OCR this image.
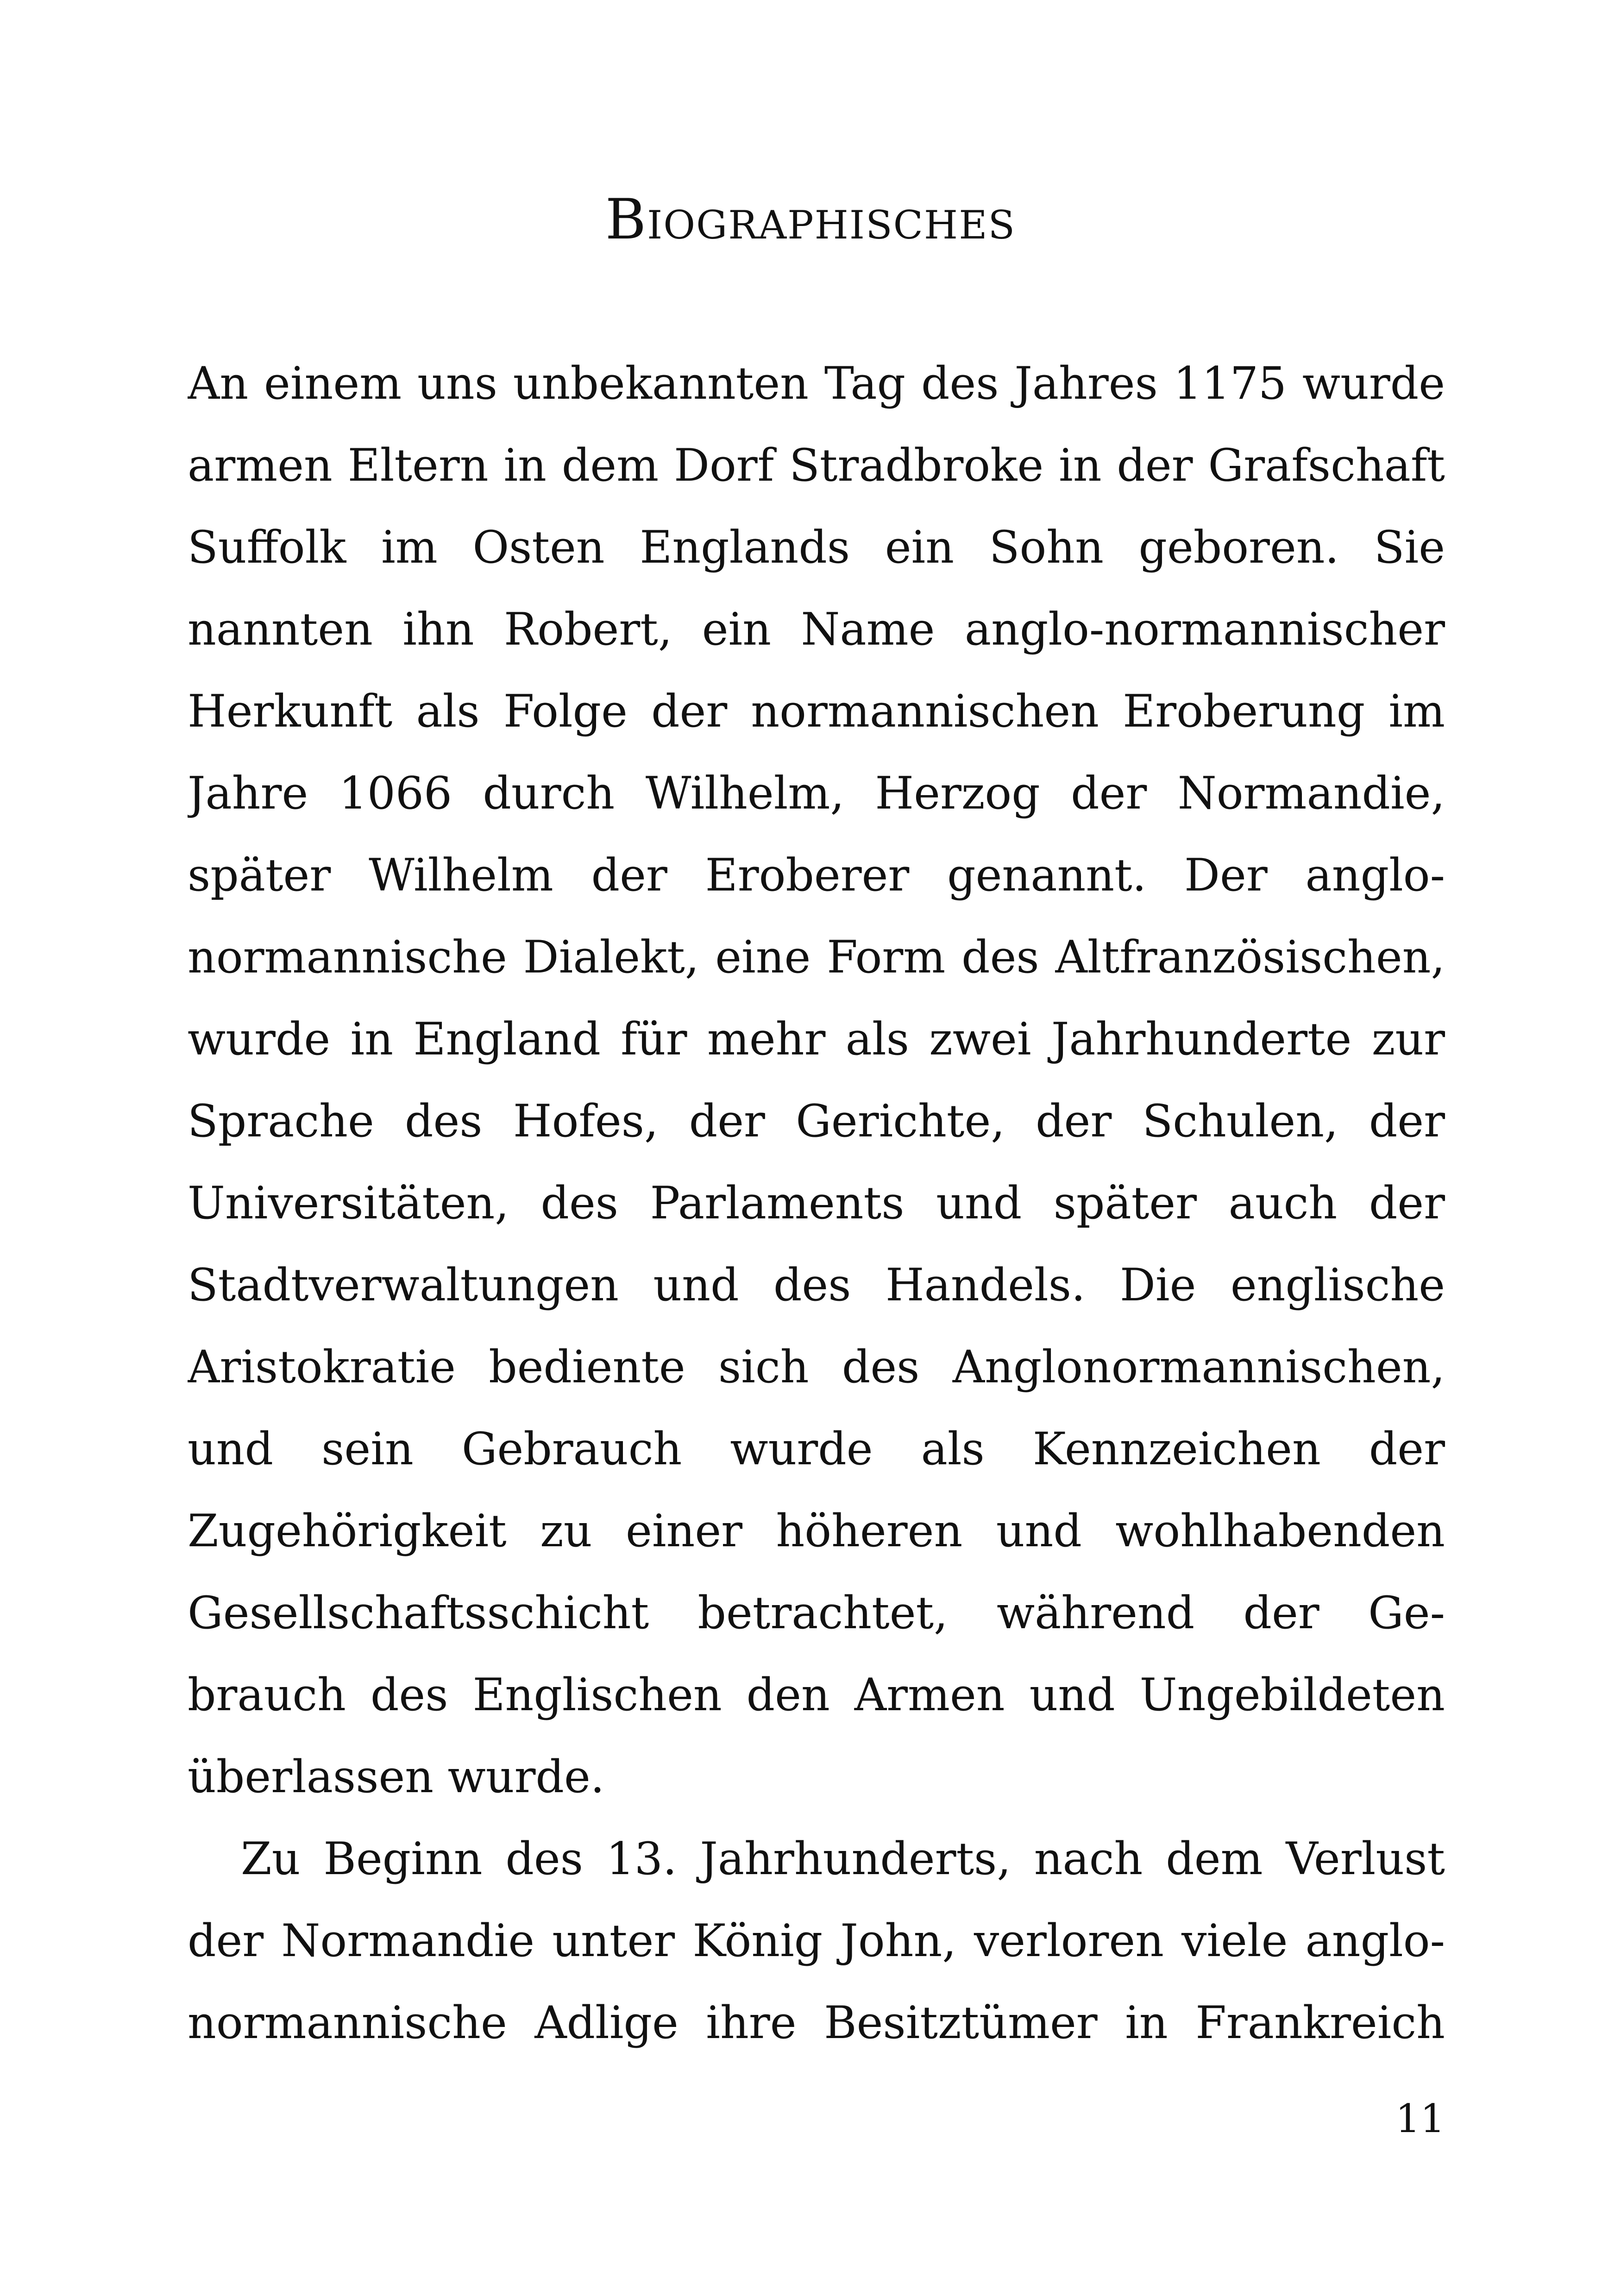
Biographisches
An einem uns unbekannten Tag des Jahres 1175 wurde
armen Eltern in dem Dorf Stradbroke in der Grafschaft
Suffolk im Osten Englands ein Sohn geboren. Sie
nannten ihn Robert, ein Name anglo-normannischer
Herkunft als Folge der normannischen Eroberung im
Jahre 1066 durch Wilhelm, Herzog der Normandie,
später Wilhelm der Eroberer genannt. Der anglo-
normannische Dialekt, eine Form des Altfranzösischen,
wurde in England für mehr als zwei Jahrhunderte zur
Sprache des Hofes, der Gerichte, der Schulen, der
Universitäten, des Parlaments und später auch der
Stadtverwaltungen und des Handels. Die englische
Aristokratie bediente sich des Anglonormannischen,
und sein Gebrauch wurde als Kennzeichen der
Zugehörigkeit zu einer höheren und wohlhabenden
Gesellschaftsschicht betrachtet, während der Ge-
brauch des Englischen den Armen und Ungebildeten
überlassen wurde.
Zu Beginn des 13. Jahrhunderts, nach dem Verlust
der Normandie unter König John, verloren viele anglo-
normannische Adlige ihre Besitztümer in Frankreich
11
